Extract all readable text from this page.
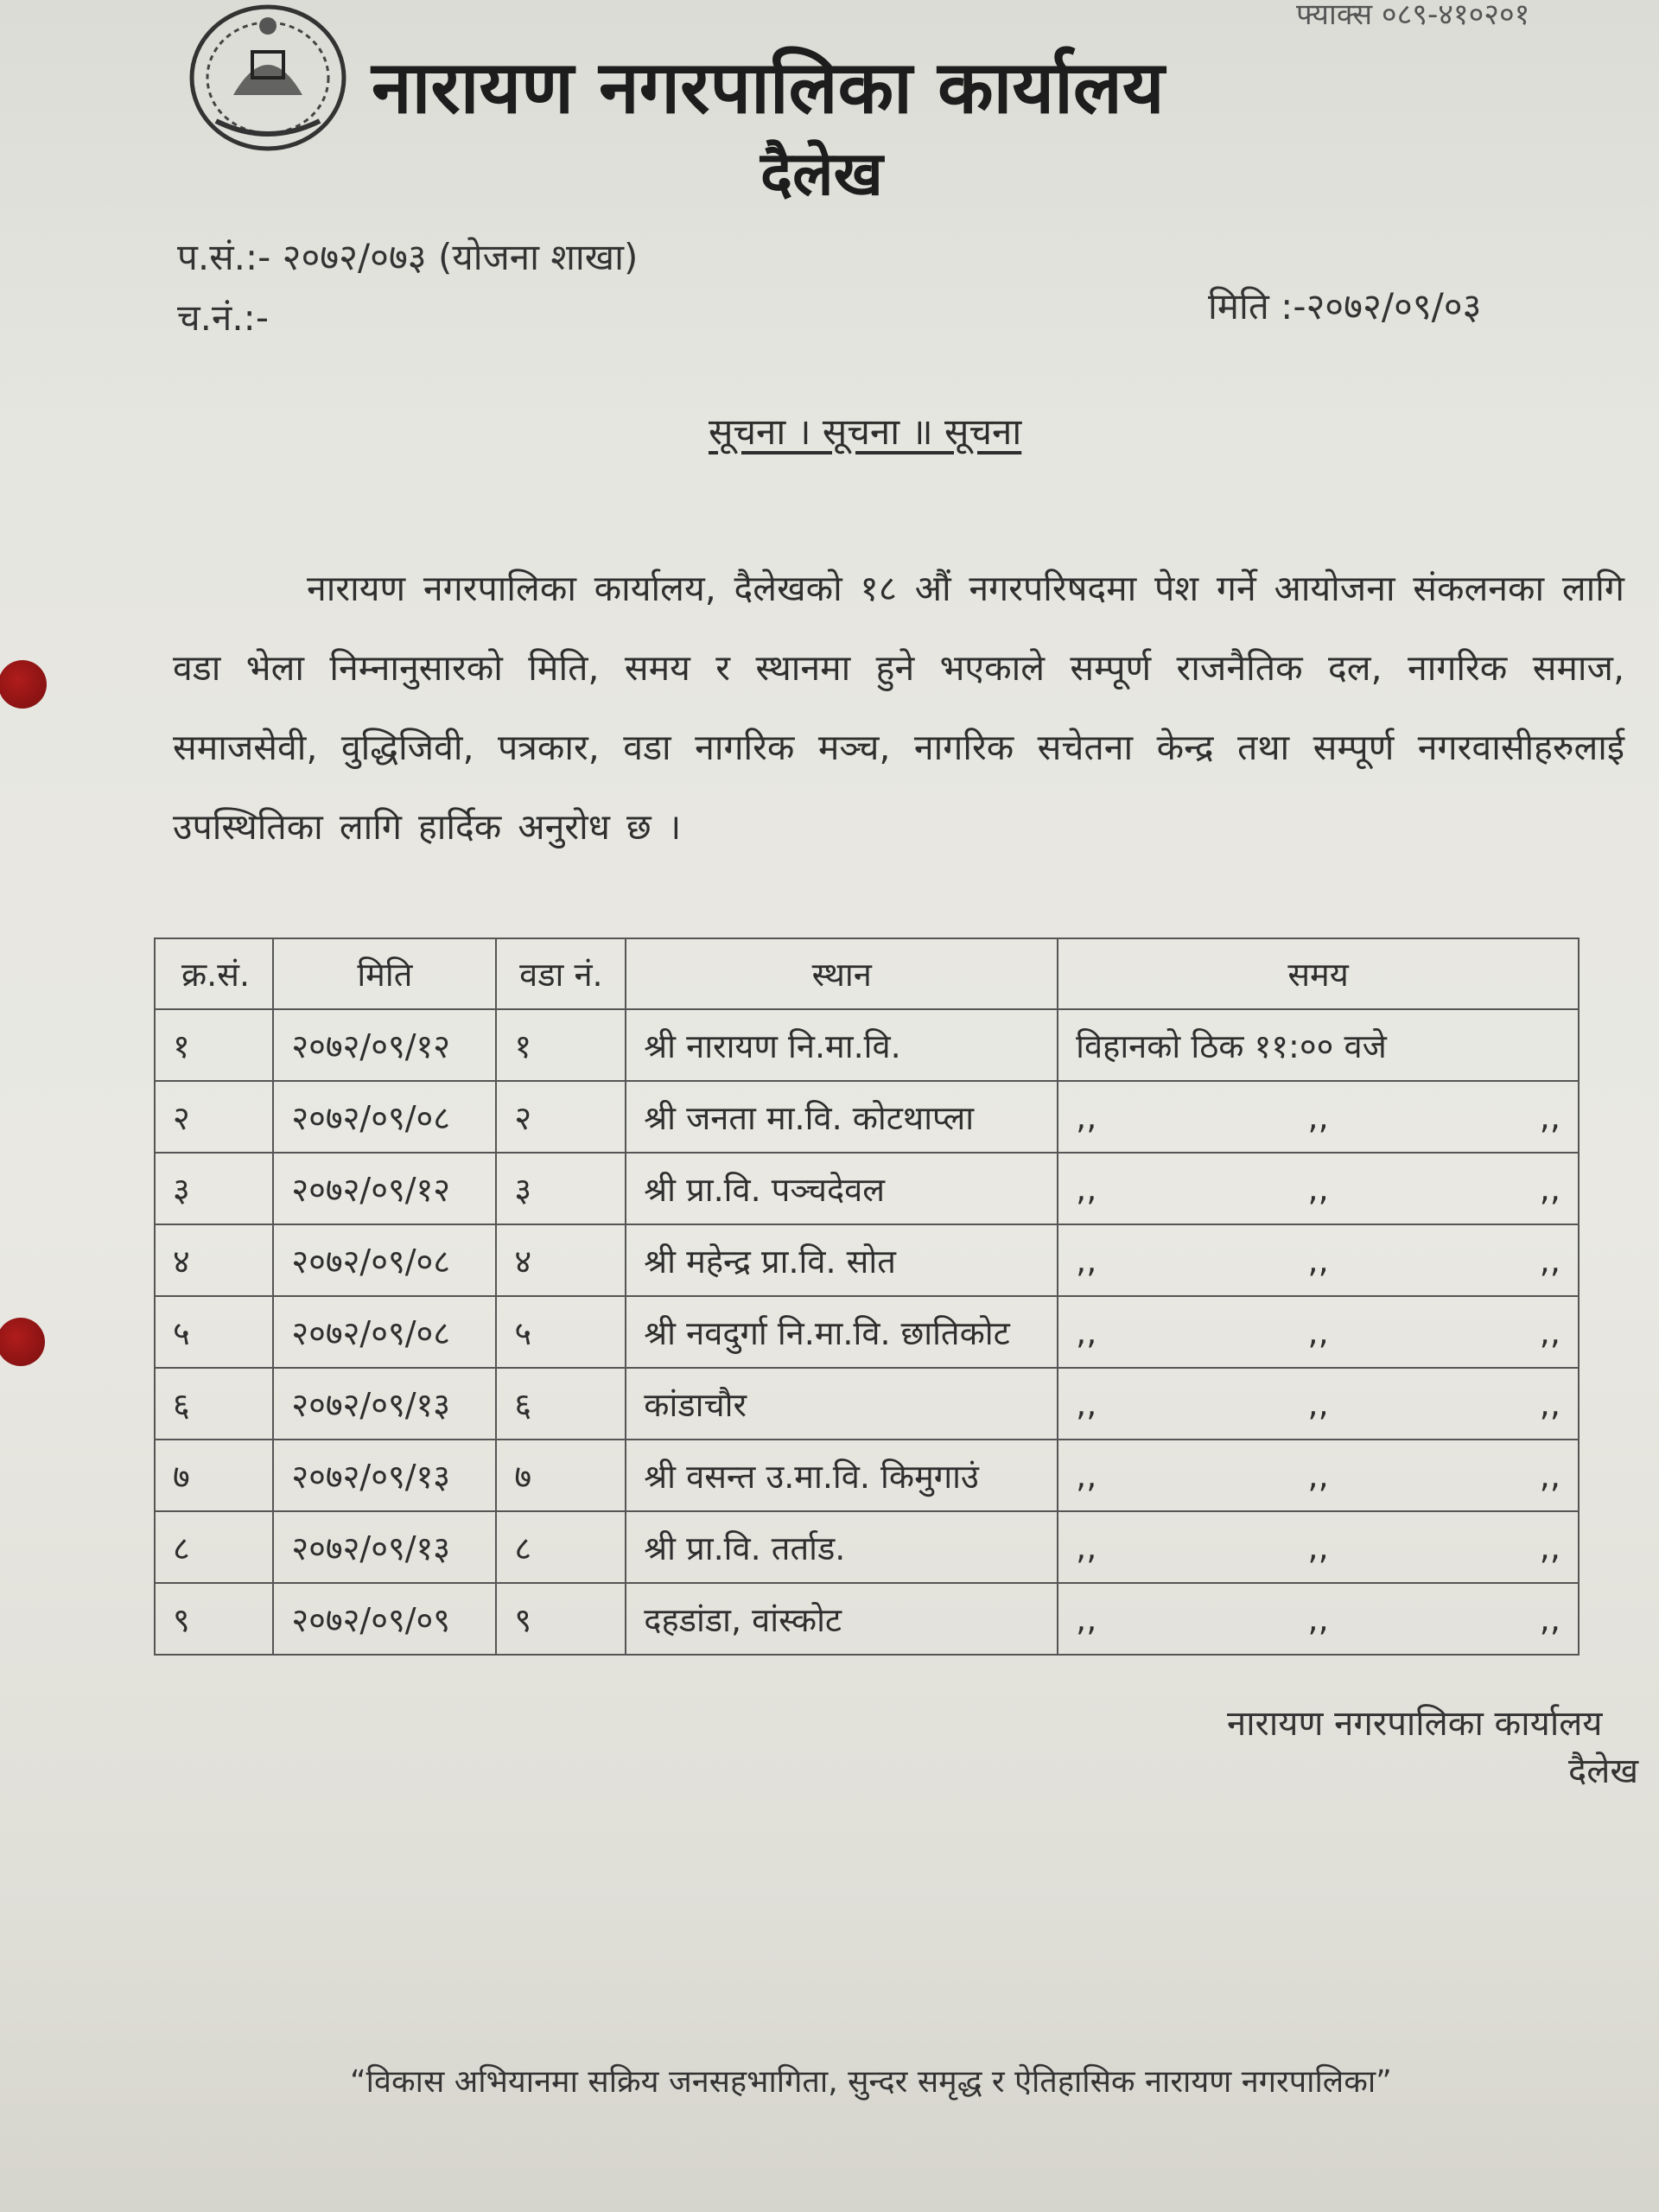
फ्याक्स ०८९-४१०२०१
नारायण नगरपालिका कार्यालय
दैलेख
प.सं.:- २०७२/०७३ (योजना शाखा)
च.नं.:-	मिति :-२०७२/०९/०३
सूचना । सूचना ॥ सूचना
नारायण नगरपालिका कार्यालय, दैलेखको १८ औं नगरपरिषदमा पेश गर्ने आयोजना संकलनका लागि वडा भेला निम्नानुसारको मिति, समय र स्थानमा हुने भएकाले सम्पूर्ण राजनैतिक दल, नागरिक समाज, समाजसेवी, वुद्धिजिवी, पत्रकार, वडा नागरिक मञ्च, नागरिक सचेतना केन्द्र तथा सम्पूर्ण नगरवासीहरुलाई उपस्थितिका लागि हार्दिक अनुरोध छ ।
क्र.सं.	मिति	वडा नं.	स्थान	समय
१	२०७२/०९/१२	१	श्री नारायण नि.मा.वि.	विहानको ठिक ११:०० वजे
२	२०७२/०९/०८	२	श्री जनता मा.वि. कोटथाप्ला	,,  ,,  ,,
३	२०७२/०९/१२	३	श्री प्रा.वि. पञ्चदेवल	,,  ,,  ,,
४	२०७२/०९/०८	४	श्री महेन्द्र प्रा.वि. सोत	,,  ,,  ,,
५	२०७२/०९/०८	५	श्री नवदुर्गा नि.मा.वि. छातिकोट	,,  ,,  ,,
६	२०७२/०९/१३	६	कांडाचौर	,,  ,,  ,,
७	२०७२/०९/१३	७	श्री वसन्त उ.मा.वि. किमुगाउं	,,  ,,  ,,
८	२०७२/०९/१३	८	श्री प्रा.वि. तर्ताड.	,,  ,,  ,,
९	२०७२/०९/०९	९	दहडांडा, वांस्कोट	,,  ,,  ,,
नारायण नगरपालिका कार्यालय
दैलेख
“विकास अभियानमा सक्रिय जनसहभागिता, सुन्दर समृद्ध र ऐतिहासिक नारायण नगरपालिका”
